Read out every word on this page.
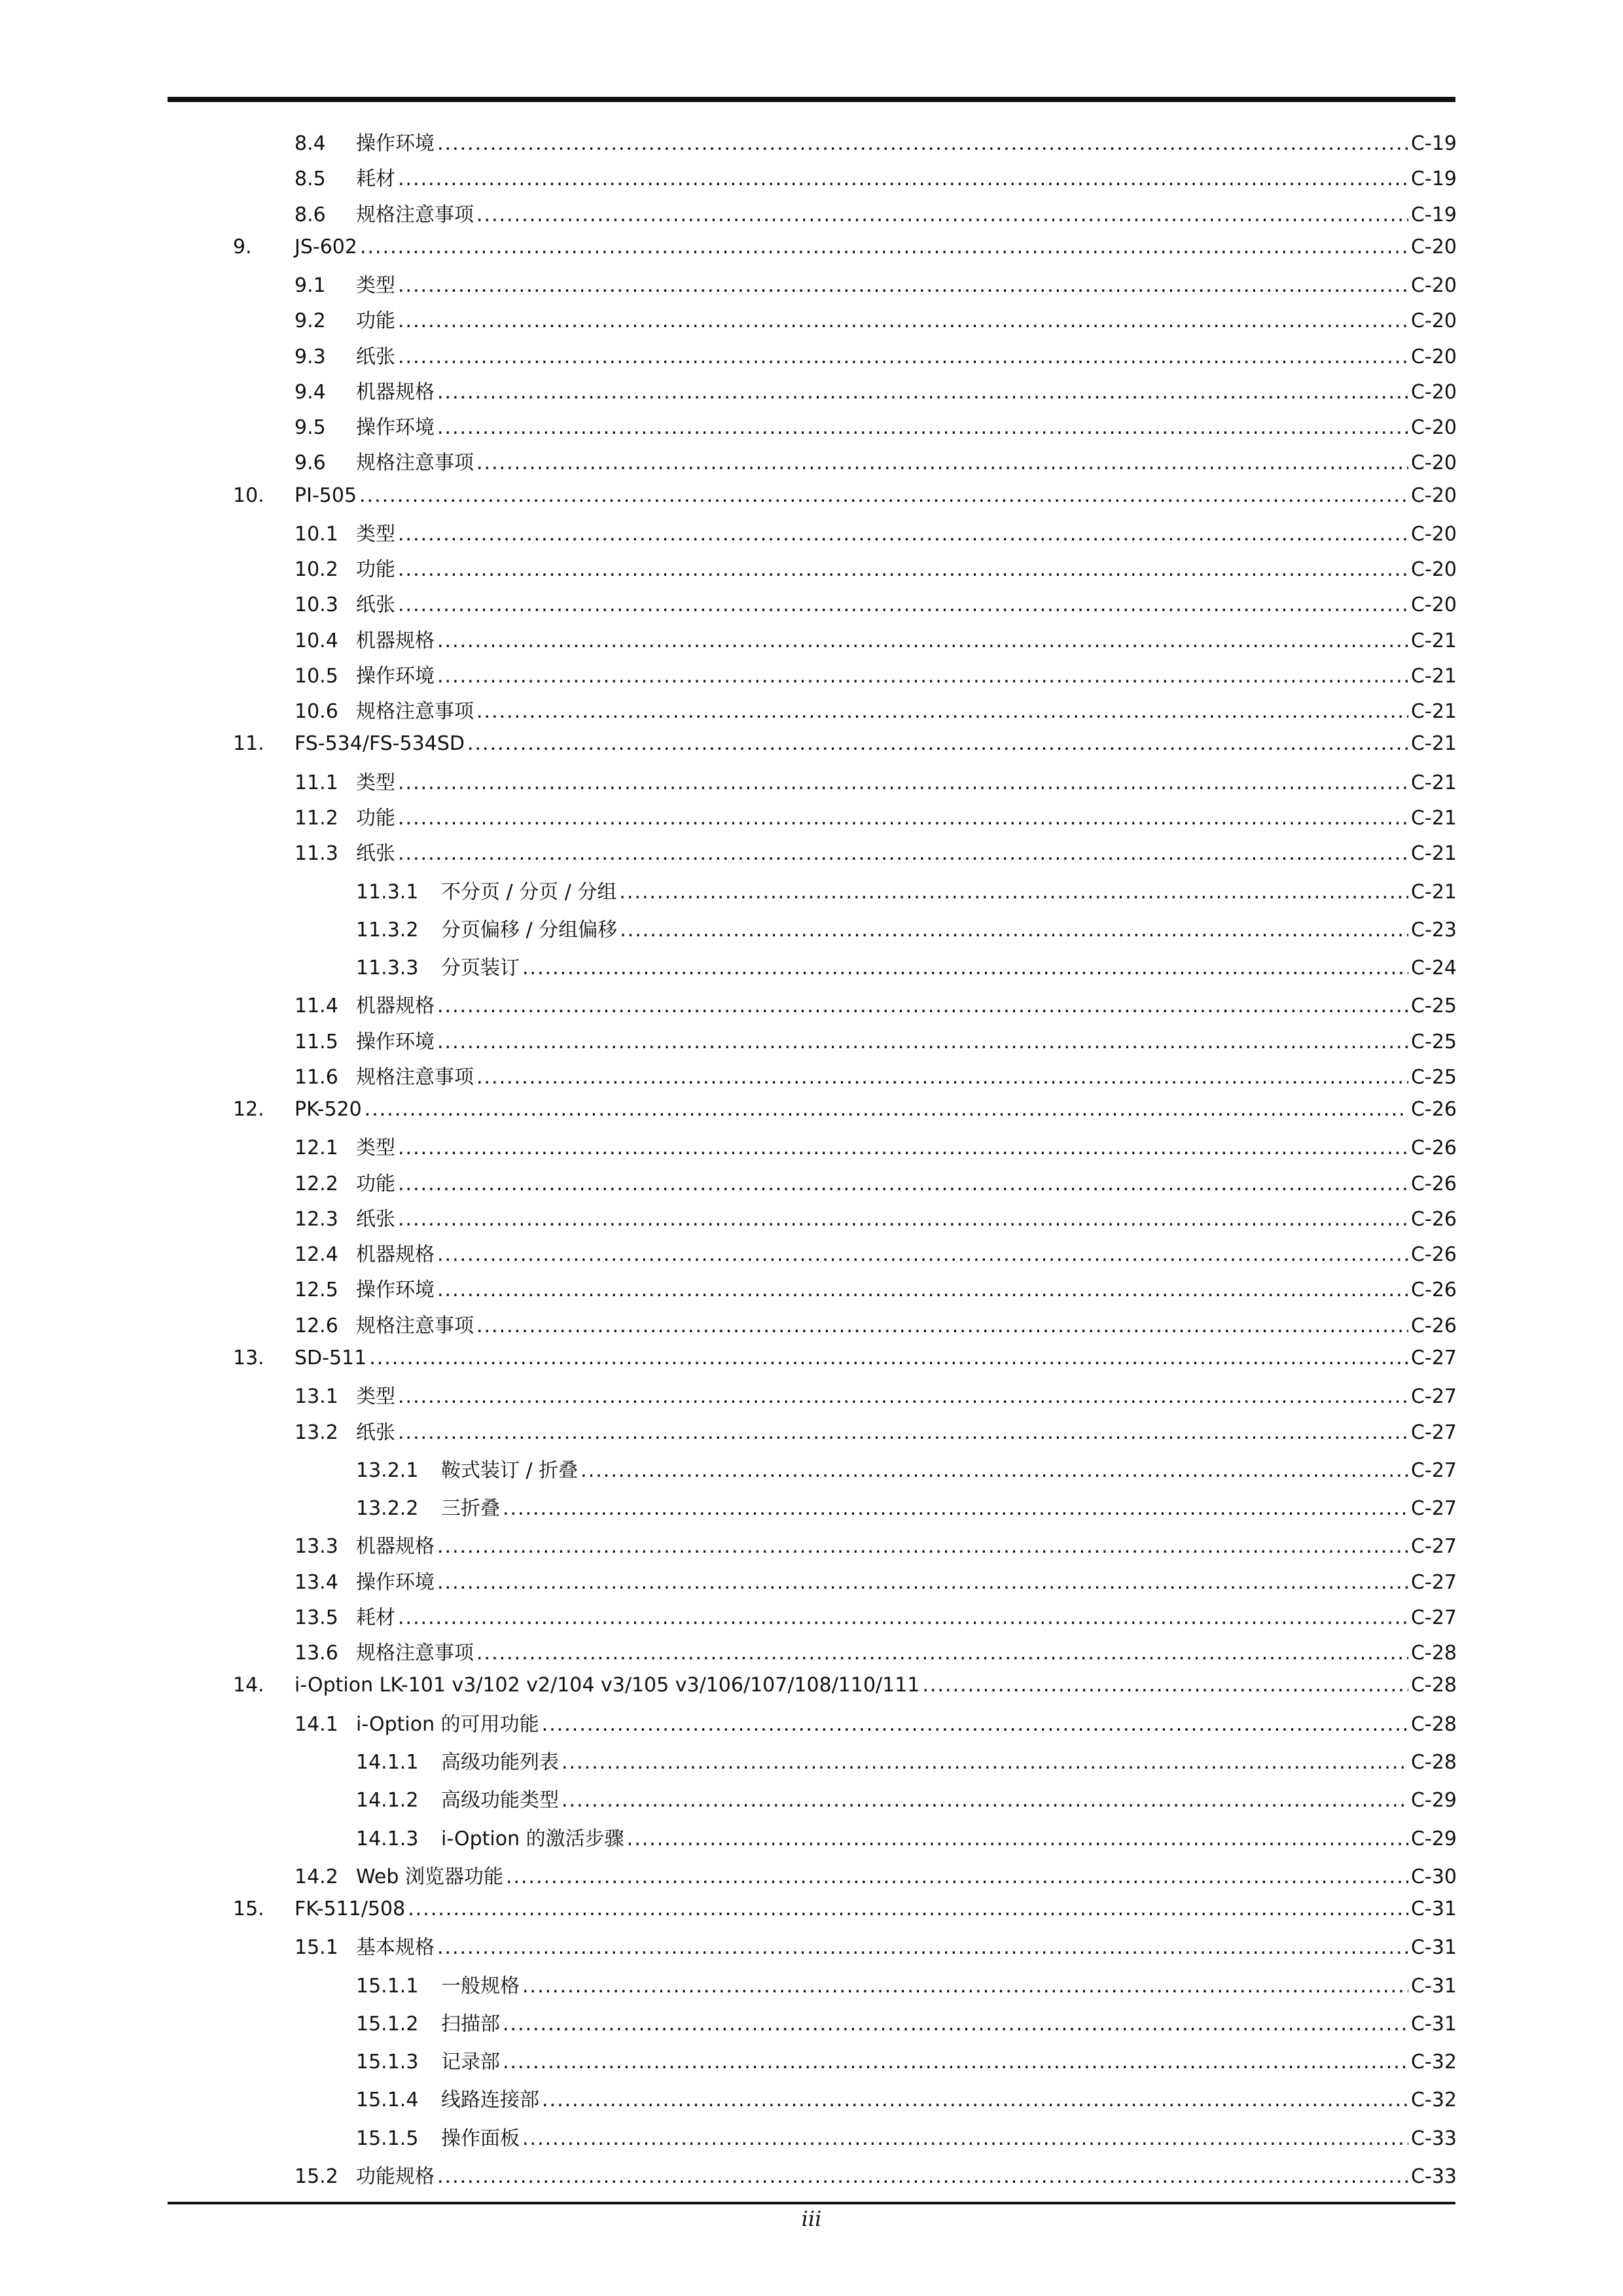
8.4	操作环境 .....	C-19
8.5	耗材 .....	C-19
8.6	规格注意事项 .....	C-19
9.	JS-602 .....	C-20
9.1	类型 .....	C-20
9.2	功能 .....	C-20
9.3	纸张 .....	C-20
9.4	机器规格 .....	C-20
9.5	操作环境 .....	C-20
9.6	规格注意事项 .....	C-20
10.	PI-505 .....	C-20
10.1 类型 .....	C-20
10.2 功能 .....	C-20
10.3 纸张 .....	C-20
10.4 机器规格 .....	C-21
10.5 操作环境 .....	C-21
10.6 规格注意事项 .....	C-21
11.	FS-534/FS-534SD .....	C-21
11.1 类型 .....	C-21
11.2 功能 .....	C-21
11.3 纸张 .....	C-21
11.3.1	不分页 / 分页 / 分组 .....	C-21
11.3.2	分页偏移 / 分组偏移 .....	C-23
11.3.3	分页装订 .....	C-24
11.4 机器规格 .....	C-25
11.5 操作环境 .....	C-25
11.6 规格注意事项 .....	C-25
12.	PK-520 .....	C-26
12.1 类型 .....	C-26
12.2 功能 .....	C-26
12.3 纸张 .....	C-26
12.4 机器规格 .....	C-26
12.5 操作环境 .....	C-26
12.6 规格注意事项 .....	C-26
13.	SD-511 .....	C-27
13.1 类型 .....	C-27
13.2 纸张 .....	C-27
13.2.1	鞍式装订 / 折叠 .....	C-27
13.2.2	三折叠 .....	C-27
13.3 机器规格 .....	C-27
13.4 操作环境 .....	C-27
13.5 耗材 .....	C-27
13.6 规格注意事项 .....	C-28
14.	i-Option LK-101 v3/102 v2/104 v3/105 v3/106/107/108/110/111 .....	C-28
14.1 i-Option 的可用功能 .....	C-28
14.1.1	高级功能列表 .....	C-28
14.1.2	高级功能类型 .....	C-29
14.1.3	i-Option 的激活步骤 .....	C-29
14.2 Web 浏览器功能 .....	C-30
15.	FK-511/508 .....	C-31
15.1 基本规格 .....	C-31
15.1.1	一般规格 .....	C-31
15.1.2	扫描部 .....	C-31
15.1.3	记录部 .....	C-32
15.1.4	线路连接部 .....	C-32
15.1.5	操作面板 .....	C-33
15.2 功能规格 .....	C-33
iii
